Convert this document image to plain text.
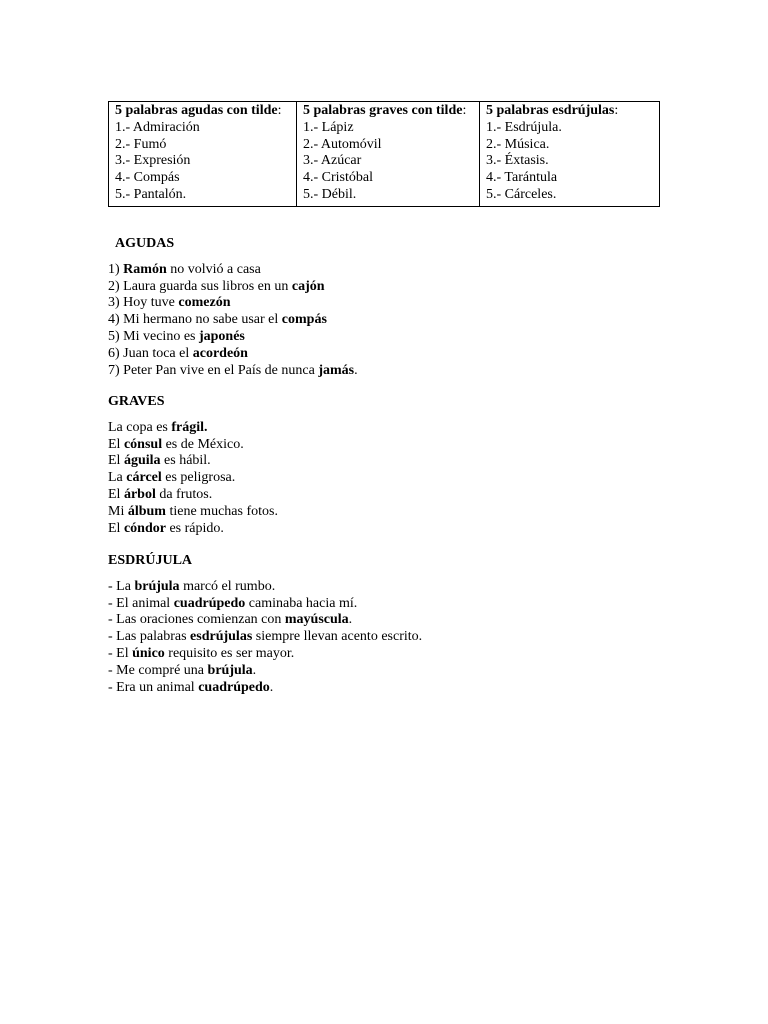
5 palabras agudas con tilde:
1.- Admiración
2.- Fumó
3.- Expresión
4.- Compás
5.- Pantalón.
	5 palabras graves con tilde:
1.- Lápiz
2.- Automóvil
3.- Azúcar
4.- Cristóbal
5.- Débil.
	5 palabras esdrújulas:

1.- Esdrújula.
2.- Música.
3.- Éxtasis.
4.- Tarántula
5.- Cárceles.
AGUDAS
1) Ramón no volvió a casa
2) Laura guarda sus libros en un cajón
3) Hoy tuve comezón
4) Mi hermano no sabe usar el compás
5) Mi vecino es japonés
6) Juan toca el acordeón
7) Peter Pan vive en el País de nunca jamás.
GRAVES
La copa es frágil.
El cónsul es de México.
El águila es hábil.
La cárcel es peligrosa.
El árbol da frutos.
Mi álbum tiene muchas fotos.
El cóndor es rápido.
ESDRÚJULA
- La brújula marcó el rumbo.
- El animal cuadrúpedo caminaba hacia mí.
- Las oraciones comienzan con mayúscula.
- Las palabras esdrújulas siempre llevan acento escrito.
- El único requisito es ser mayor.
- Me compré una brújula.
- Era un animal cuadrúpedo.
